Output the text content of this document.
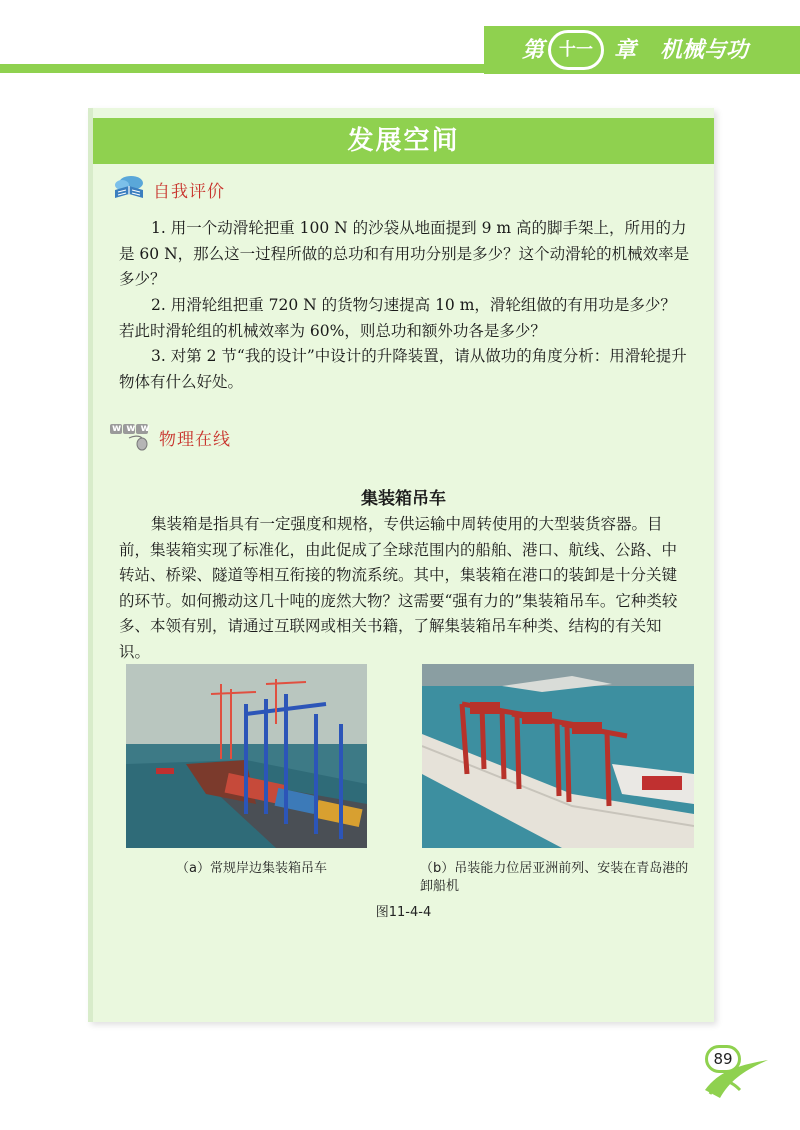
第 十一 章 机械与功
发展空间
自我评价
1. 用一个动滑轮把重 100 N 的沙袋从地面提到 9 m 高的脚手架上，所用的力是 60 N，那么这一过程所做的总功和有用功分别是多少？这个动滑轮的机械效率是多少？
2. 用滑轮组把重 720 N 的货物匀速提高 10 m，滑轮组做的有用功是多少？若此时滑轮组的机械效率为 60%，则总功和额外功各是多少？
3. 对第 2 节“我的设计”中设计的升降装置，请从做功的角度分析：用滑轮提升物体有什么好处。
www
物理在线
集装箱吊车
集装箱是指具有一定强度和规格，专供运输中周转使用的大型装货容器。目前，集装箱实现了标准化，由此促成了全球范围内的船舶、港口、航线、公路、中转站、桥梁、隧道等相互衔接的物流系统。其中，集装箱在港口的装卸是十分关键的环节。如何搬动这几十吨的庞然大物？这需要“强有力的”集装箱吊车。它种类较多、本领有别，请通过互联网或相关书籍，了解集装箱吊车种类、结构的有关知识。
（a）常规岸边集装箱吊车	（b）吊装能力位居亚洲前列、安装在青岛港的卸船机
图11-4-4
89
